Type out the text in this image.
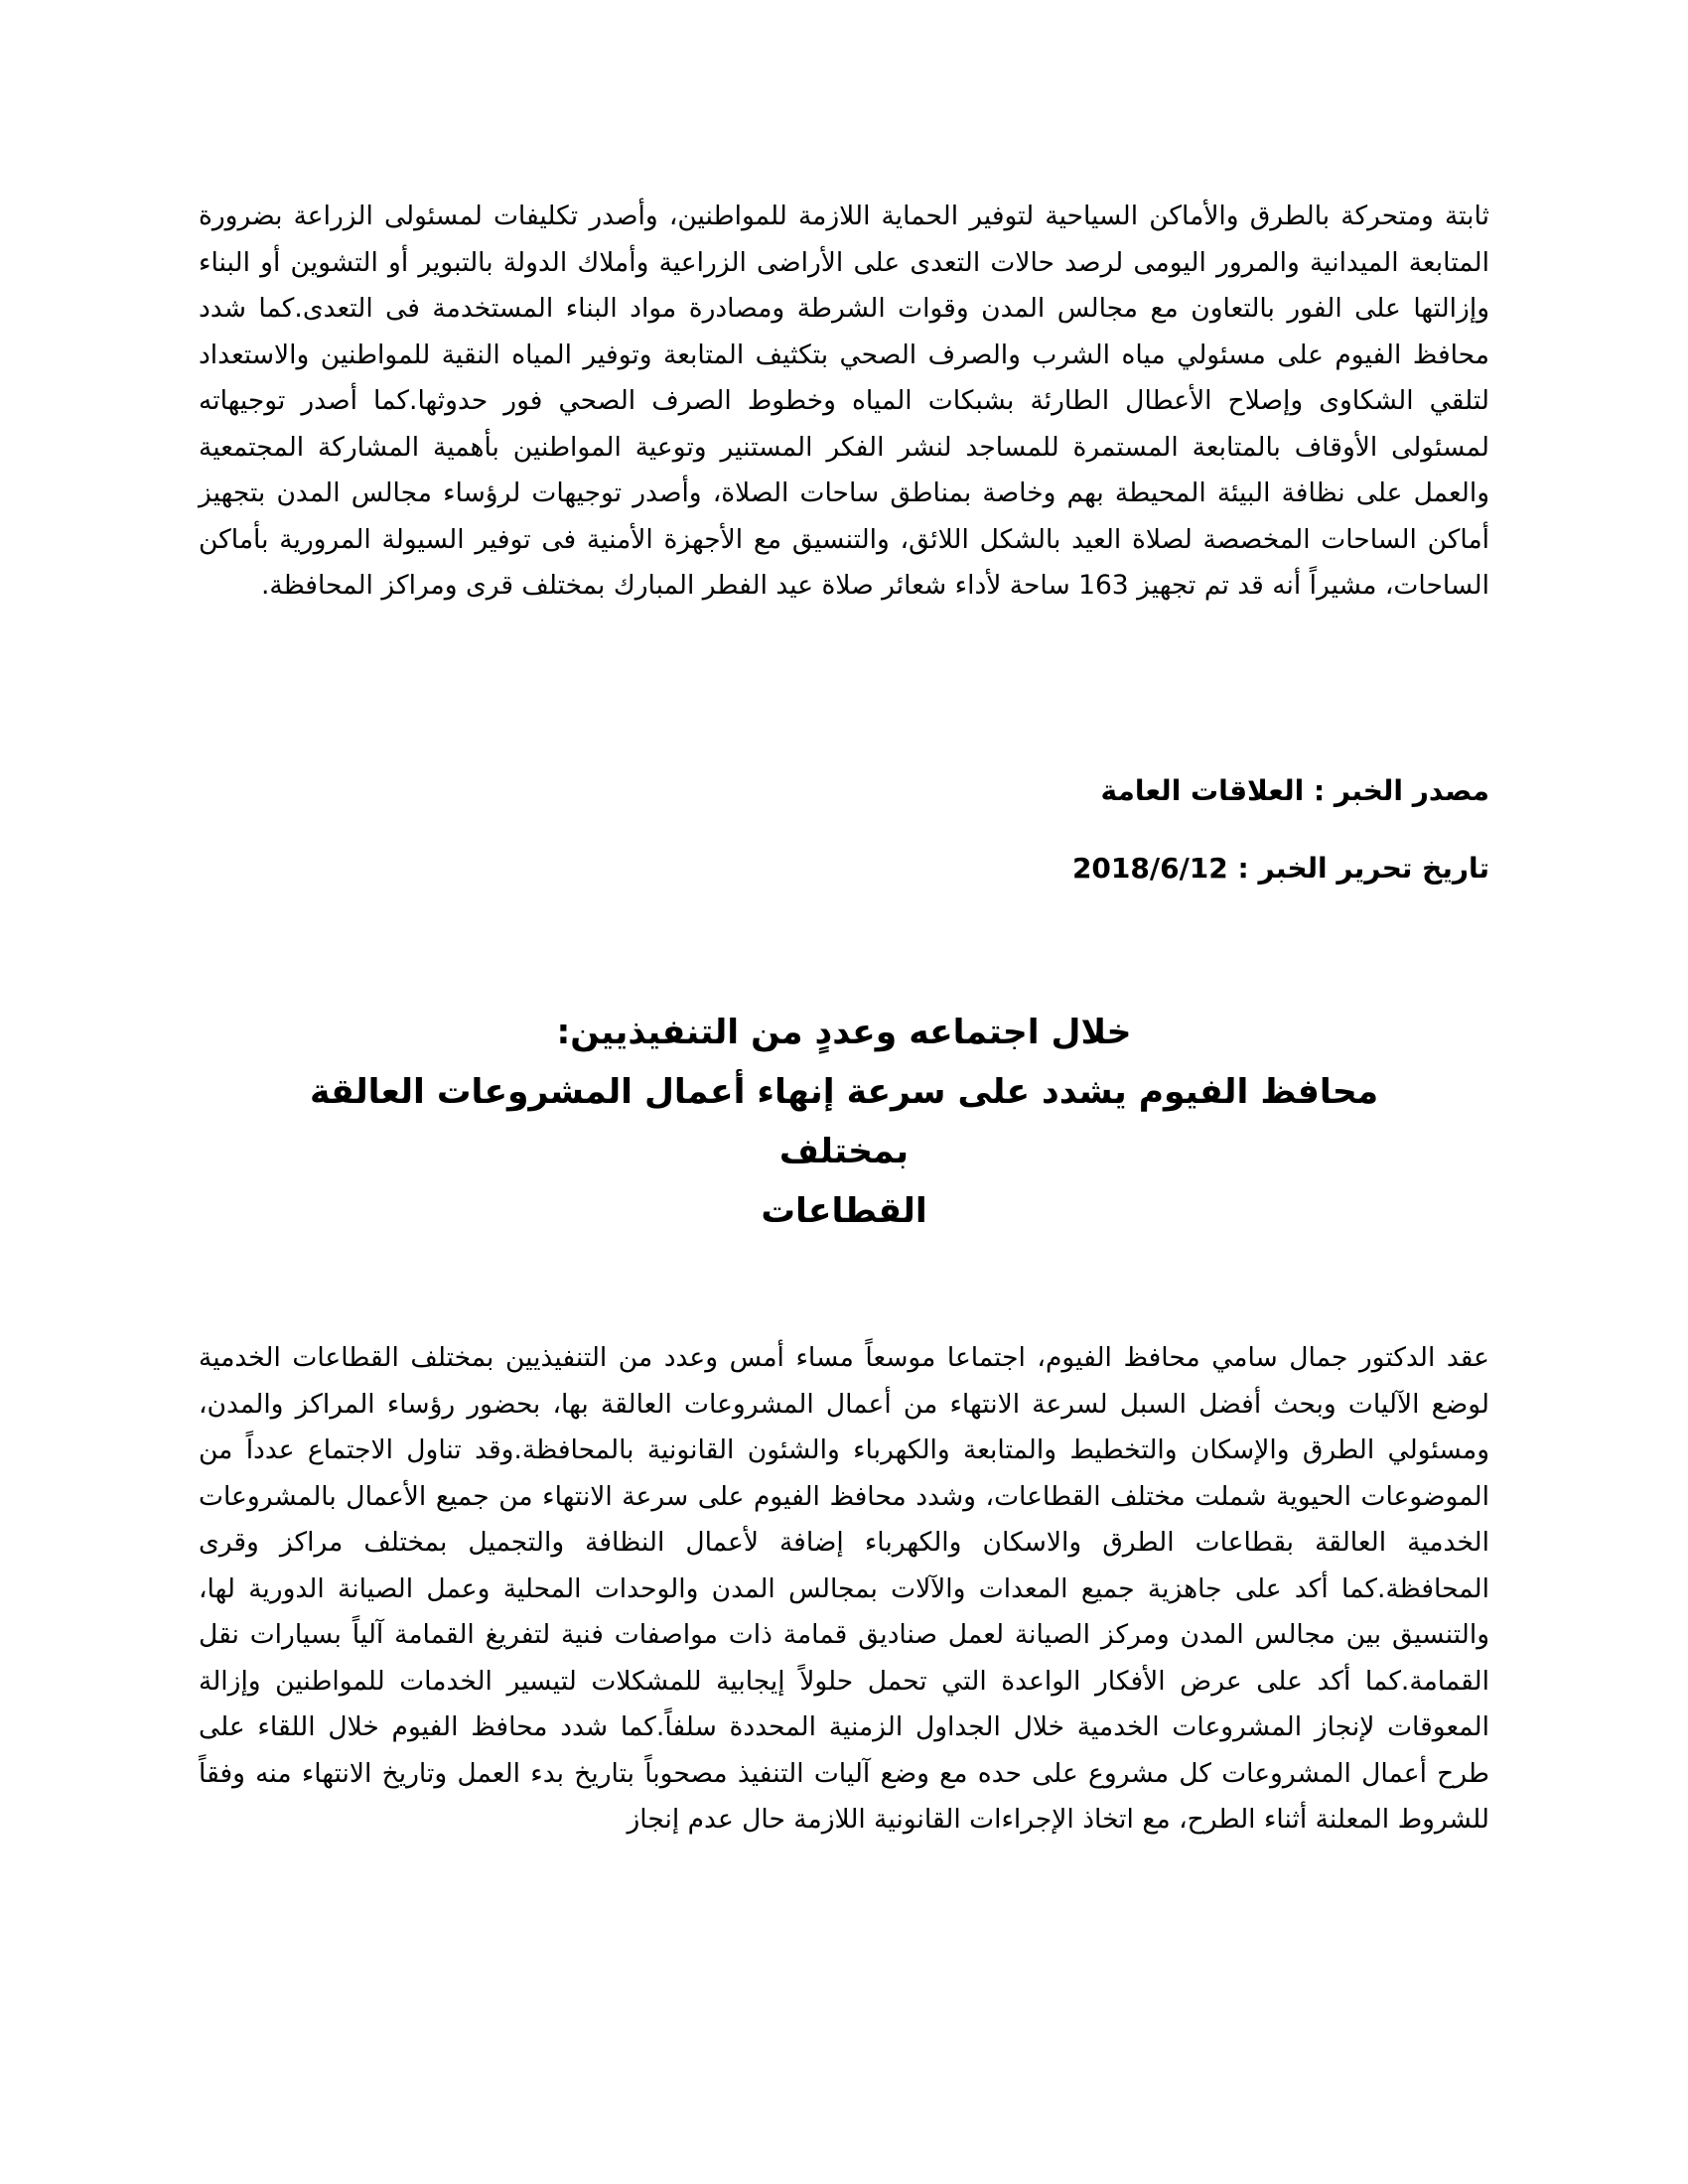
ثابتة ومتحركة بالطرق والأماكن السياحية لتوفير الحماية اللازمة للمواطنين، وأصدر تكليفات لمسئولى الزراعة بضرورة المتابعة الميدانية والمرور اليومى لرصد حالات التعدى على الأراضى الزراعية وأملاك الدولة بالتبوير أو التشوين أو البناء وإزالتها على الفور بالتعاون مع مجالس المدن وقوات الشرطة ومصادرة مواد البناء المستخدمة فى التعدى.كما شدد محافظ الفيوم على مسئولي مياه الشرب والصرف الصحي بتكثيف المتابعة وتوفير المياه النقية للمواطنين والاستعداد لتلقي الشكاوى وإصلاح الأعطال الطارئة بشبكات المياه وخطوط الصرف الصحي فور حدوثها.كما أصدر توجيهاته لمسئولى الأوقاف بالمتابعة المستمرة للمساجد لنشر الفكر المستنير وتوعية المواطنين بأهمية المشاركة المجتمعية والعمل على نظافة البيئة المحيطة بهم وخاصة بمناطق ساحات الصلاة، وأصدر توجيهات لرؤساء مجالس المدن بتجهيز أماكن الساحات المخصصة لصلاة العيد بالشكل اللائق، والتنسيق مع الأجهزة الأمنية فى توفير السيولة المرورية بأماكن الساحات، مشيراً أنه قد تم تجهيز 163 ساحة لأداء شعائر صلاة عيد الفطر المبارك بمختلف قرى ومراكز المحافظة.

مصدر الخبر : العلاقات العامة

تاريخ تحرير الخبر : 2018/6/12

خلال اجتماعه وعددٍ من التنفيذيين:
محافظ الفيوم يشدد على سرعة إنهاء أعمال المشروعات العالقة بمختلف
القطاعات

عقد الدكتور جمال سامي محافظ الفيوم، اجتماعا موسعاً مساء أمس وعدد من التنفيذيين بمختلف القطاعات الخدمية لوضع الآليات وبحث أفضل السبل لسرعة الانتهاء من أعمال المشروعات العالقة بها، بحضور رؤساء المراكز والمدن، ومسئولي الطرق والإسكان والتخطيط والمتابعة والكهرباء والشئون القانونية بالمحافظة.وقد تناول الاجتماع عدداً من الموضوعات الحيوية شملت مختلف القطاعات، وشدد محافظ الفيوم على سرعة الانتهاء من جميع الأعمال بالمشروعات الخدمية العالقة بقطاعات الطرق والاسكان والكهرباء إضافة لأعمال النظافة والتجميل بمختلف مراكز وقرى المحافظة.كما أكد على جاهزية جميع المعدات والآلات بمجالس المدن والوحدات المحلية وعمل الصيانة الدورية لها، والتنسيق بين مجالس المدن ومركز الصيانة لعمل صناديق قمامة ذات مواصفات فنية لتفريغ القمامة آلياً بسيارات نقل القمامة.كما أكد على عرض الأفكار الواعدة التي تحمل حلولاً إيجابية للمشكلات لتيسير الخدمات للمواطنين وإزالة المعوقات لإنجاز المشروعات الخدمية خلال الجداول الزمنية المحددة سلفاً.كما شدد محافظ الفيوم خلال اللقاء على طرح أعمال المشروعات كل مشروع على حده مع وضع آليات التنفيذ مصحوباً بتاريخ بدء العمل وتاريخ الانتهاء منه وفقاً للشروط المعلنة أثناء الطرح، مع اتخاذ الإجراءات القانونية اللازمة حال عدم إنجاز
